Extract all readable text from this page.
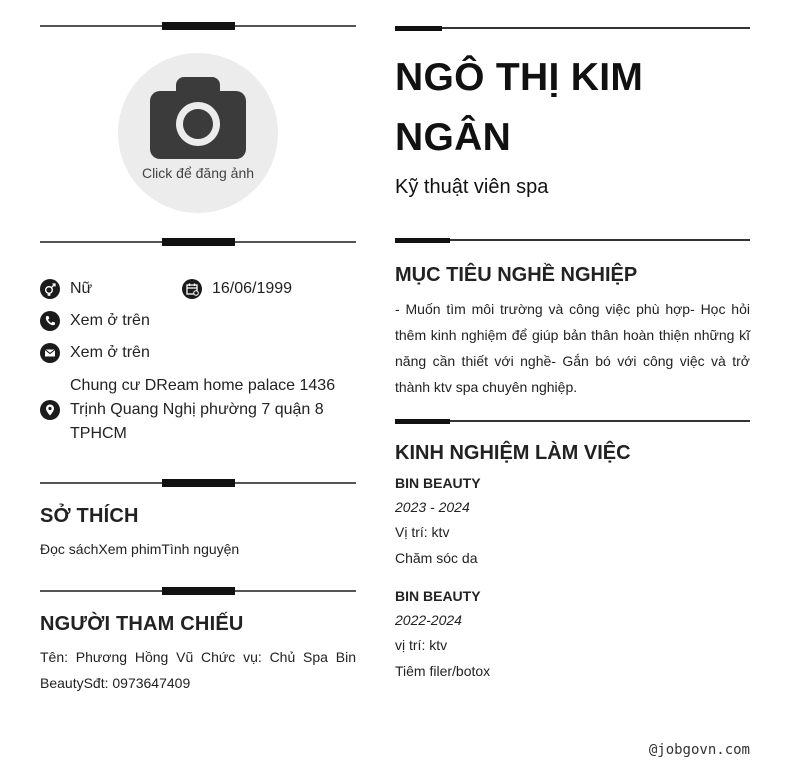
Click để đăng ảnh
Nữ	16/06/1999
Xem ở trên
Xem ở trên
Chung cư DReam home palace 1436 Trịnh Quang Nghị phường 7 quận 8 TPHCM
SỞ THÍCH
Đọc sáchXem phimTình nguyện
NGƯỜI THAM CHIẾU
Tên: Phương Hồng Vũ Chức vụ: Chủ Spa Bin BeautySđt: 0973647409
NGÔ THỊ KIM NGÂN
Kỹ thuật viên spa
MỤC TIÊU NGHỀ NGHIỆP
- Muốn tìm môi trường và công việc phù hợp- Học hỏi thêm kinh nghiệm để giúp bản thân hoàn thiện những kĩ năng cần thiết với nghề- Gắn bó với công việc và trở thành ktv spa chuyên nghiệp.
KINH NGHIỆM LÀM VIỆC
BIN BEAUTY
2023 - 2024
Vị trí: ktv
Chăm sóc da
BIN BEAUTY
2022-2024
vị trí: ktv
Tiêm filer/botox
@jobgovn.com
